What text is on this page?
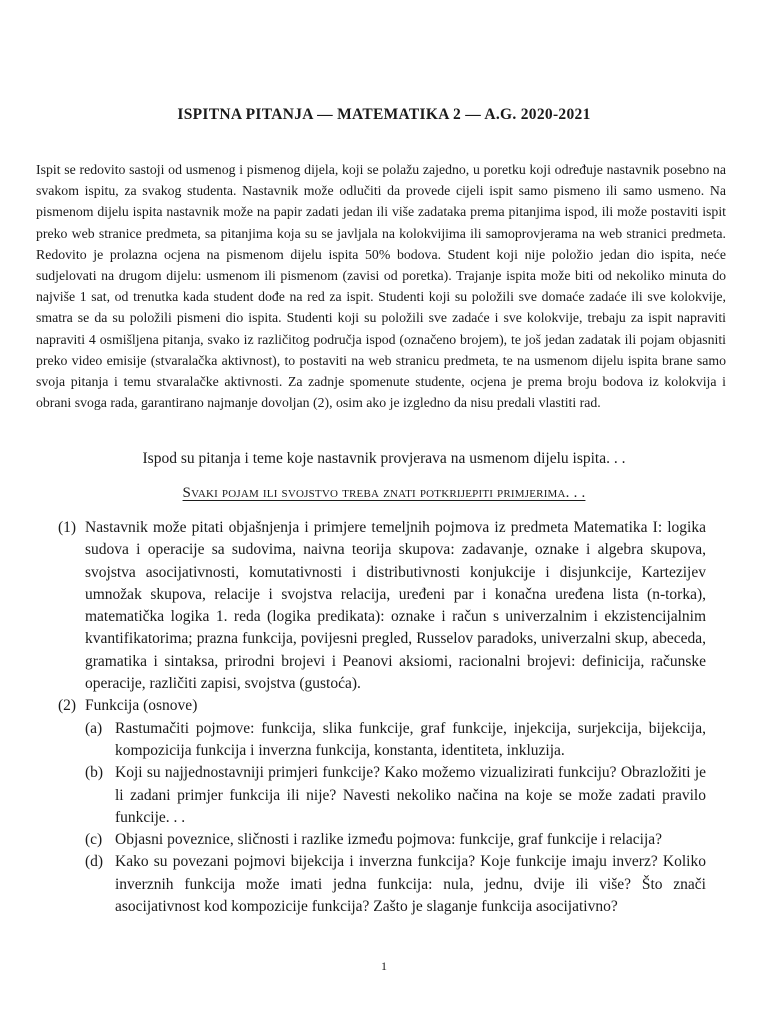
ISPITNA PITANJA — MATEMATIKA 2 — A.G. 2020-2021

Ispit se redovito sastoji od usmenog i pismenog dijela, koji se polažu zajedno, u poretku koji određuje nastavnik posebno na svakom ispitu, za svakog studenta. Nastavnik može odlučiti da provede cijeli ispit samo pismeno ili samo usmeno. Na pismenom dijelu ispita nastavnik može na papir zadati jedan ili više zadataka prema pitanjima ispod, ili može postaviti ispit preko web stranice predmeta, sa pitanjima koja su se javljala na kolokvijima ili samoprovjerama na web stranici predmeta. Redovito je prolazna ocjena na pismenom dijelu ispita 50% bodova. Student koji nije položio jedan dio ispita, neće sudjelovati na drugom dijelu: usmenom ili pismenom (zavisi od poretka). Trajanje ispita može biti od nekoliko minuta do najviše 1 sat, od trenutka kada student dođe na red za ispit. Studenti koji su položili sve domaće zadaće ili sve kolokvije, smatra se da su položili pismeni dio ispita. Studenti koji su položili sve zadaće i sve kolokvije, trebaju za ispit napraviti napraviti 4 osmišljena pitanja, svako iz različitog područja ispod (označeno brojem), te još jedan zadatak ili pojam objasniti preko video emisije (stvaralačka aktivnost), to postaviti na web stranicu predmeta, te na usmenom dijelu ispita brane samo svoja pitanja i temu stvaralačke aktivnosti. Za zadnje spomenute studente, ocjena je prema broju bodova iz kolokvija i obrani svoga rada, garantirano najmanje dovoljan (2), osim ako je izgledno da nisu predali vlastiti rad.

Ispod su pitanja i teme koje nastavnik provjerava na usmenom dijelu ispita. . .

Svaki pojam ili svojstvo treba znati potkrijepiti primjerima. . .

(1) Nastavnik može pitati objašnjenja i primjere temeljnih pojmova iz predmeta Matematika I: logika sudova i operacije sa sudovima, naivna teorija skupova: zadavanje, oznake i algebra skupova, svojstva asocijativnosti, komutativnosti i distributivnosti konjukcije i disjunkcije, Kartezijev umnožak skupova, relacije i svojstva relacija, uređeni par i konačna uređena lista (n-torka), matematička logika 1. reda (logika predikata): oznake i račun s univerzalnim i ekzistencijalnim kvantifikatorima; prazna funkcija, povijesni pregled, Russelov paradoks, univerzalni skup, abeceda, gramatika i sintaksa, prirodni brojevi i Peanovi aksiomi, racionalni brojevi: definicija, računske operacije, različiti zapisi, svojstva (gustoća).
(2) Funkcija (osnove)
(a) Rastumačiti pojmove: funkcija, slika funkcije, graf funkcije, injekcija, surjekcija, bijekcija, kompozicija funkcija i inverzna funkcija, konstanta, identiteta, inkluzija.
(b) Koji su najjednostavniji primjeri funkcije? Kako možemo vizualizirati funkciju? Obrazložiti je li zadani primjer funkcija ili nije? Navesti nekoliko načina na koje se može zadati pravilo funkcije. . .
(c) Objasni poveznice, sličnosti i razlike između pojmova: funkcije, graf funkcije i relacija?
(d) Kako su povezani pojmovi bijekcija i inverzna funkcija? Koje funkcije imaju inverz? Koliko inverznih funkcija može imati jedna funkcija: nula, jednu, dvije ili više? Što znači asocijativnost kod kompozicije funkcija? Zašto je slaganje funkcija asocijativno?
1
